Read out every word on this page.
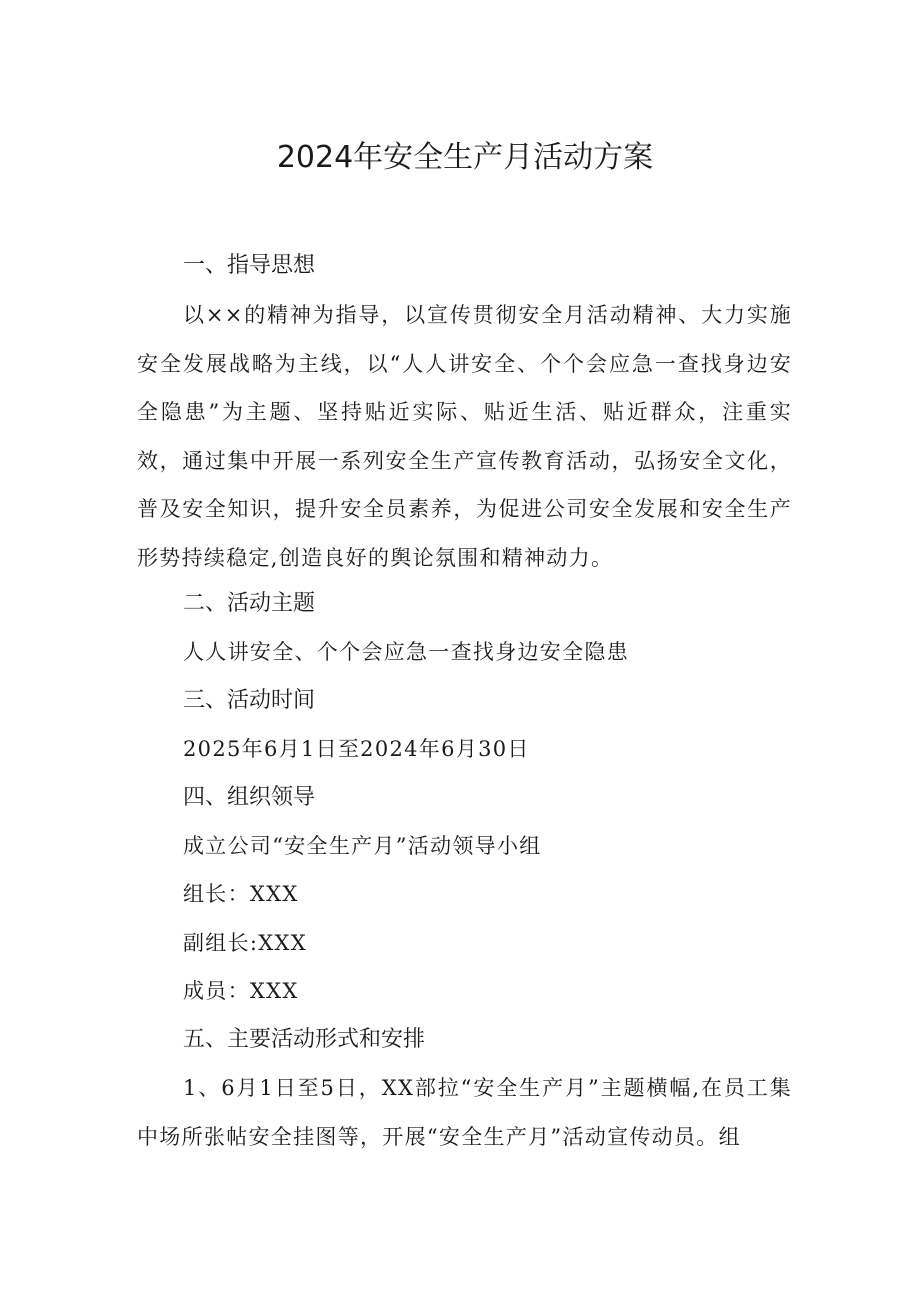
2024年安全生产月活动方案
一、指导思想
以××的精神为指导，以宣传贯彻安全月活动精神、大力实施安全发展战略为主线，以“人人讲安全、个个会应急一查找身边安全隐患”为主题、坚持贴近实际、贴近生活、贴近群众，注重实效，通过集中开展一系列安全生产宣传教育活动，弘扬安全文化，普及安全知识，提升安全员素养，为促进公司安全发展和安全生产形势持续稳定,创造良好的舆论氛围和精神动力。
二、活动主题
人人讲安全、个个会应急一查找身边安全隐患
三、活动时间
2025年6月1日至2024年6月30日
四、组织领导
成立公司“安全生产月”活动领导小组
组长：XXX
副组长:XXX
成员：XXX
五、主要活动形式和安排
1、6月1日至5日，XX部拉“安全生产月”主题横幅,在员工集中场所张帖安全挂图等，开展“安全生产月”活动宣传动员。组
